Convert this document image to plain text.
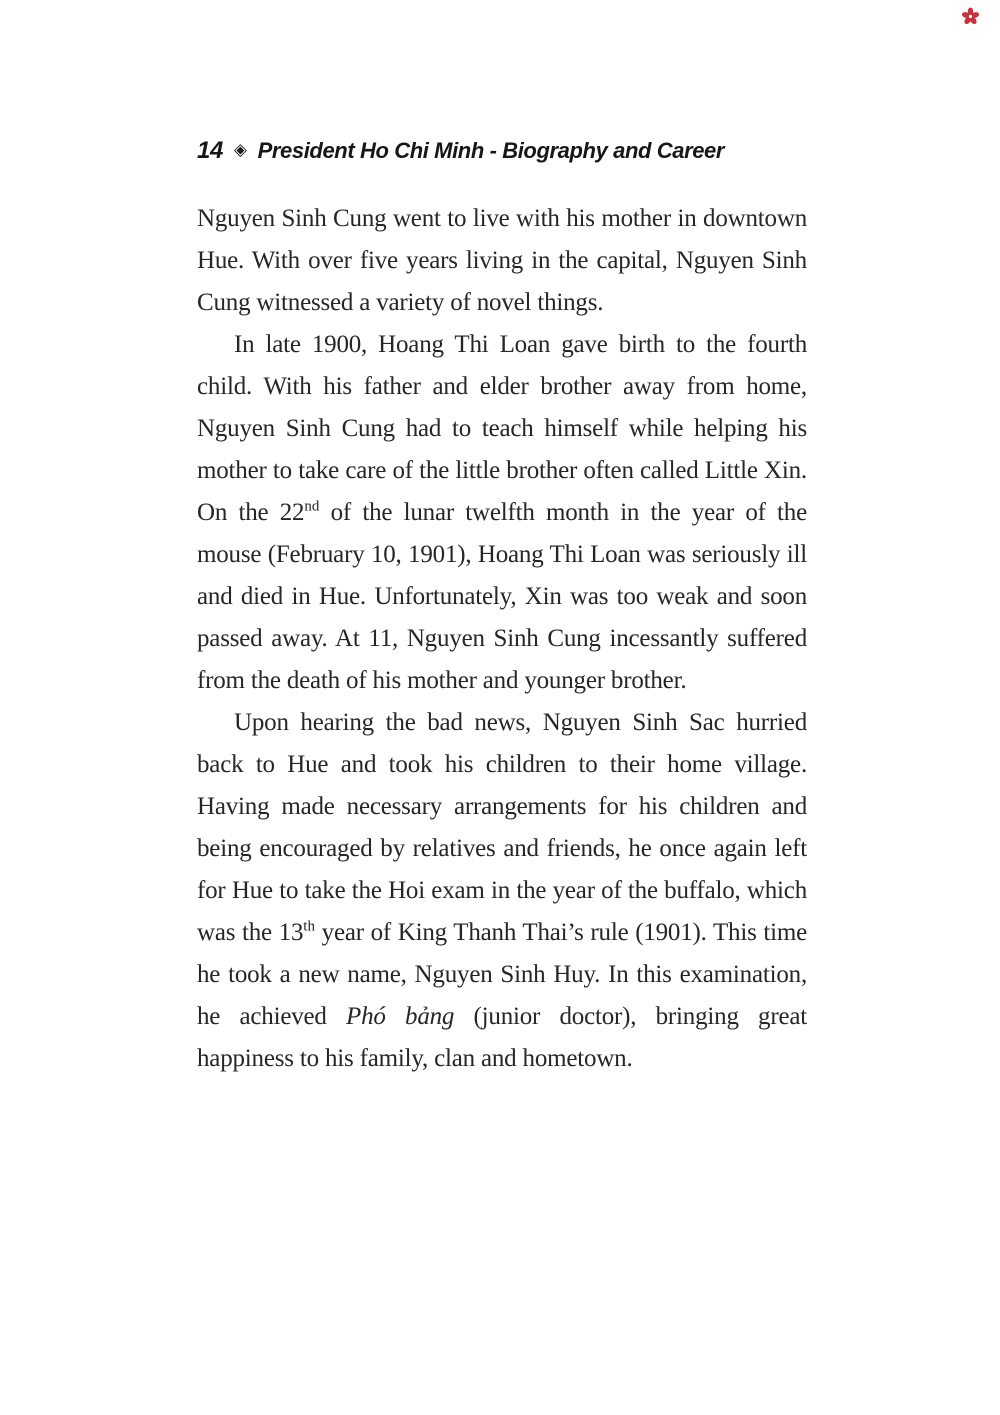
14 ◈ President Ho Chi Minh - Biography and Career

Nguyen Sinh Cung went to live with his mother in downtown Hue. With over five years living in the capital, Nguyen Sinh Cung witnessed a variety of novel things.

In late 1900, Hoang Thi Loan gave birth to the fourth child. With his father and elder brother away from home, Nguyen Sinh Cung had to teach himself while helping his mother to take care of the little brother often called Little Xin. On the 22nd of the lunar twelfth month in the year of the mouse (February 10, 1901), Hoang Thi Loan was seriously ill and died in Hue. Unfortunately, Xin was too weak and soon passed away. At 11, Nguyen Sinh Cung incessantly suffered from the death of his mother and younger brother.

Upon hearing the bad news, Nguyen Sinh Sac hurried back to Hue and took his children to their home village. Having made necessary arrangements for his children and being encouraged by relatives and friends, he once again left for Hue to take the Hoi exam in the year of the buffalo, which was the 13th year of King Thanh Thai’s rule (1901). This time he took a new name, Nguyen Sinh Huy. In this examination, he achieved Phó bảng (junior doctor), bringing great happiness to his family, clan and hometown.
